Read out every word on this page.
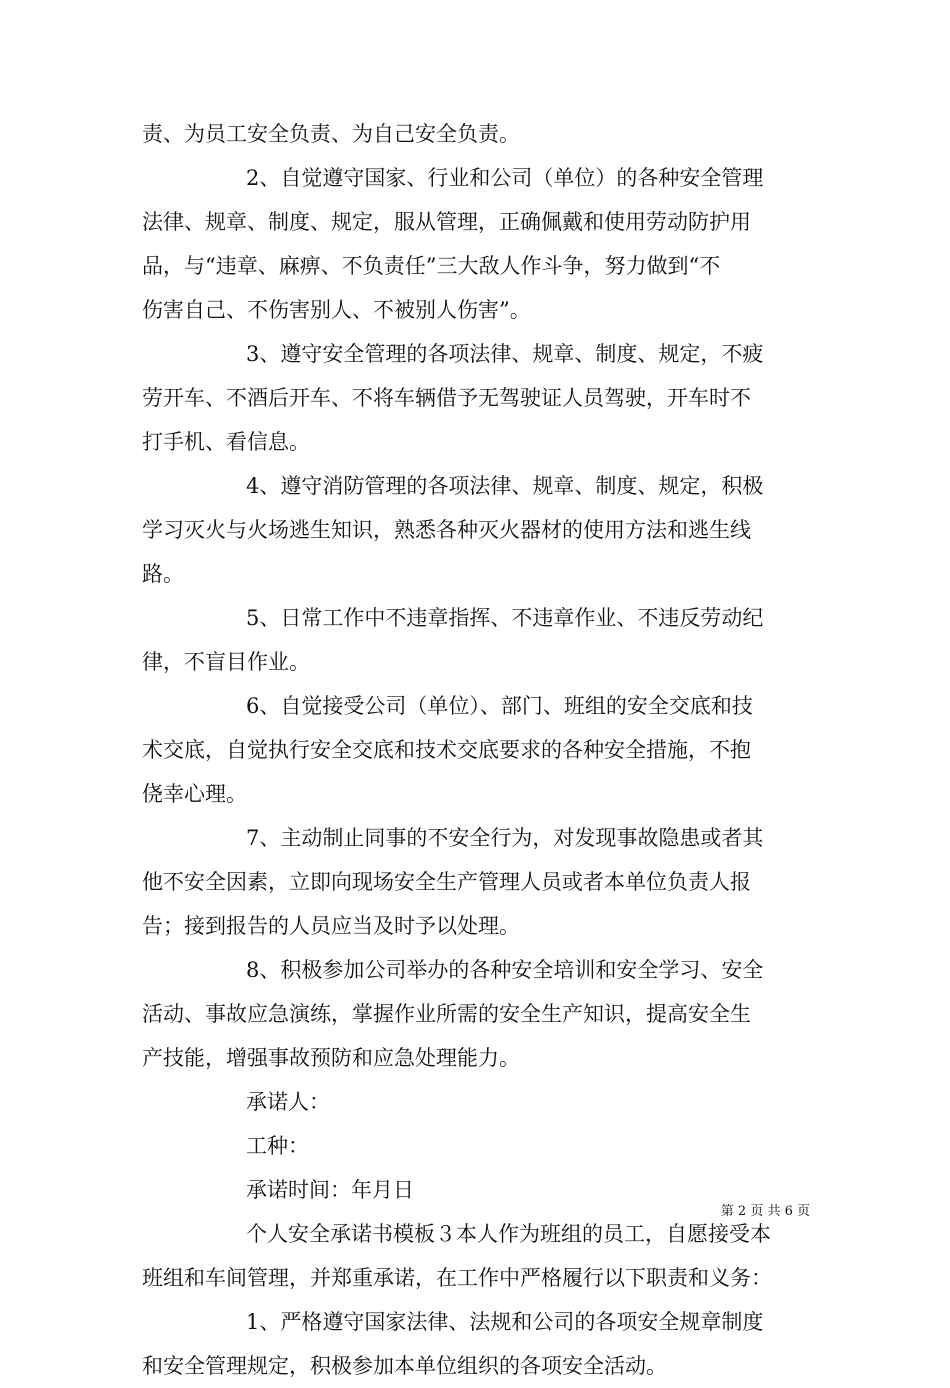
责、为员工安全负责、为自己安全负责。
2、自觉遵守国家、行业和公司（单位）的各种安全管理
法律、规章、制度、规定，服从管理，正确佩戴和使用劳动防护用
品，与“违章、麻痹、不负责任”三大敌人作斗争，努力做到“不
伤害自己、不伤害别人、不被别人伤害”。
3、遵守安全管理的各项法律、规章、制度、规定，不疲
劳开车、不酒后开车、不将车辆借予无驾驶证人员驾驶，开车时不
打手机、看信息。
4、遵守消防管理的各项法律、规章、制度、规定，积极
学习灭火与火场逃生知识，熟悉各种灭火器材的使用方法和逃生线
路。
5、日常工作中不违章指挥、不违章作业、不违反劳动纪
律，不盲目作业。
6、自觉接受公司（单位）、部门、班组的安全交底和技
术交底，自觉执行安全交底和技术交底要求的各种安全措施，不抱
侥幸心理。
7、主动制止同事的不安全行为，对发现事故隐患或者其
他不安全因素，立即向现场安全生产管理人员或者本单位负责人报
告；接到报告的人员应当及时予以处理。
8、积极参加公司举办的各种安全培训和安全学习、安全
活动、事故应急演练，掌握作业所需的安全生产知识，提高安全生
产技能，增强事故预防和应急处理能力。
承诺人：
工种：
承诺时间：年月日
个人安全承诺书模板３本人作为班组的员工，自愿接受本
班组和车间管理，并郑重承诺，在工作中严格履行以下职责和义务：
1、严格遵守国家法律、法规和公司的各项安全规章制度
和安全管理规定，积极参加本单位组织的各项安全活动。
第 2 页 共 6 页
